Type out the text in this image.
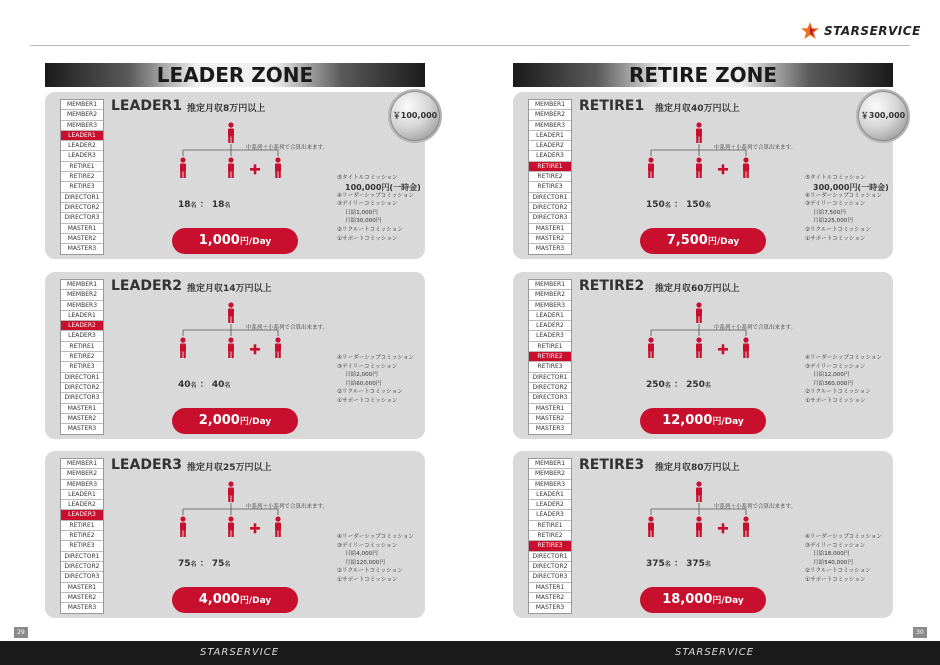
STARSERVICE
LEADER ZONE
MEMBER1
MEMBER2
MEMBER3
LEADER1
LEADER2
LEADER3
RETIRE1
RETIRE2
RETIRE3
DIRECTOR1
DIRECTOR2
DIRECTOR3
MASTER1
MASTER2
MASTER3
LEADER1 推定月収8万円以上
￥100,000
中系列＋小系列で合算出来ます。
18名 ： 18名
⑤タイトルコミッション
100,000円(一時金)
④リーダーシップコミッション
③デイリーコミッション
日給1,000円
月給30,000円
②リクルートコミッション
①サポートコミッション
1,000円/Day
MEMBER1
MEMBER2
MEMBER3
LEADER1
LEADER2
LEADER3
RETIRE1
RETIRE2
RETIRE3
DIRECTOR1
DIRECTOR2
DIRECTOR3
MASTER1
MASTER2
MASTER3
LEADER2 推定月収14万円以上
中系列＋小系列で合算出来ます。
40名 ： 40名
④リーダーシップコミッション
③デイリーコミッション
日給2,000円
月給60,000円
②リクルートコミッション
①サポートコミッション
2,000円/Day
MEMBER1
MEMBER2
MEMBER3
LEADER1
LEADER2
LEADER3
RETIRE1
RETIRE2
RETIRE3
DIRECTOR1
DIRECTOR2
DIRECTOR3
MASTER1
MASTER2
MASTER3
LEADER3 推定月収25万円以上
中系列＋小系列で合算出来ます。
75名 ： 75名
④リーダーシップコミッション
③デイリーコミッション
日給4,000円
月給120,000円
②リクルートコミッション
①サポートコミッション
4,000円/Day
RETIRE ZONE
MEMBER1
MEMBER2
MEMBER3
LEADER1
LEADER2
LEADER3
RETIRE1
RETIRE2
RETIRE3
DIRECTOR1
DIRECTOR2
DIRECTOR3
MASTER1
MASTER2
MASTER3
RETIRE1 推定月収40万円以上
￥300,000
中系列＋小系列で合算出来ます。
150名 ： 150名
⑤タイトルコミッション
300,000円(一時金)
④リーダーシップコミッション
③デイリーコミッション
日給7,500円
月給225,000円
②リクルートコミッション
①サポートコミッション
7,500円/Day
MEMBER1
MEMBER2
MEMBER3
LEADER1
LEADER2
LEADER3
RETIRE1
RETIRE2
RETIRE3
DIRECTOR1
DIRECTOR2
DIRECTOR3
MASTER1
MASTER2
MASTER3
RETIRE2 推定月収60万円以上
中系列＋小系列で合算出来ます。
250名 ： 250名
④リーダーシップコミッション
③デイリーコミッション
日給12,000円
月給360,000円
②リクルートコミッション
①サポートコミッション
12,000円/Day
MEMBER1
MEMBER2
MEMBER3
LEADER1
LEADER2
LEADER3
RETIRE1
RETIRE2
RETIRE3
DIRECTOR1
DIRECTOR2
DIRECTOR3
MASTER1
MASTER2
MASTER3
RETIRE3 推定月収80万円以上
中系列＋小系列で合算出来ます。
375名 ： 375名
④リーダーシップコミッション
③デイリーコミッション
日給18,000円
月給540,000円
②リクルートコミッション
①サポートコミッション
18,000円/Day
STARSERVICE	STARSERVICE
29	30
